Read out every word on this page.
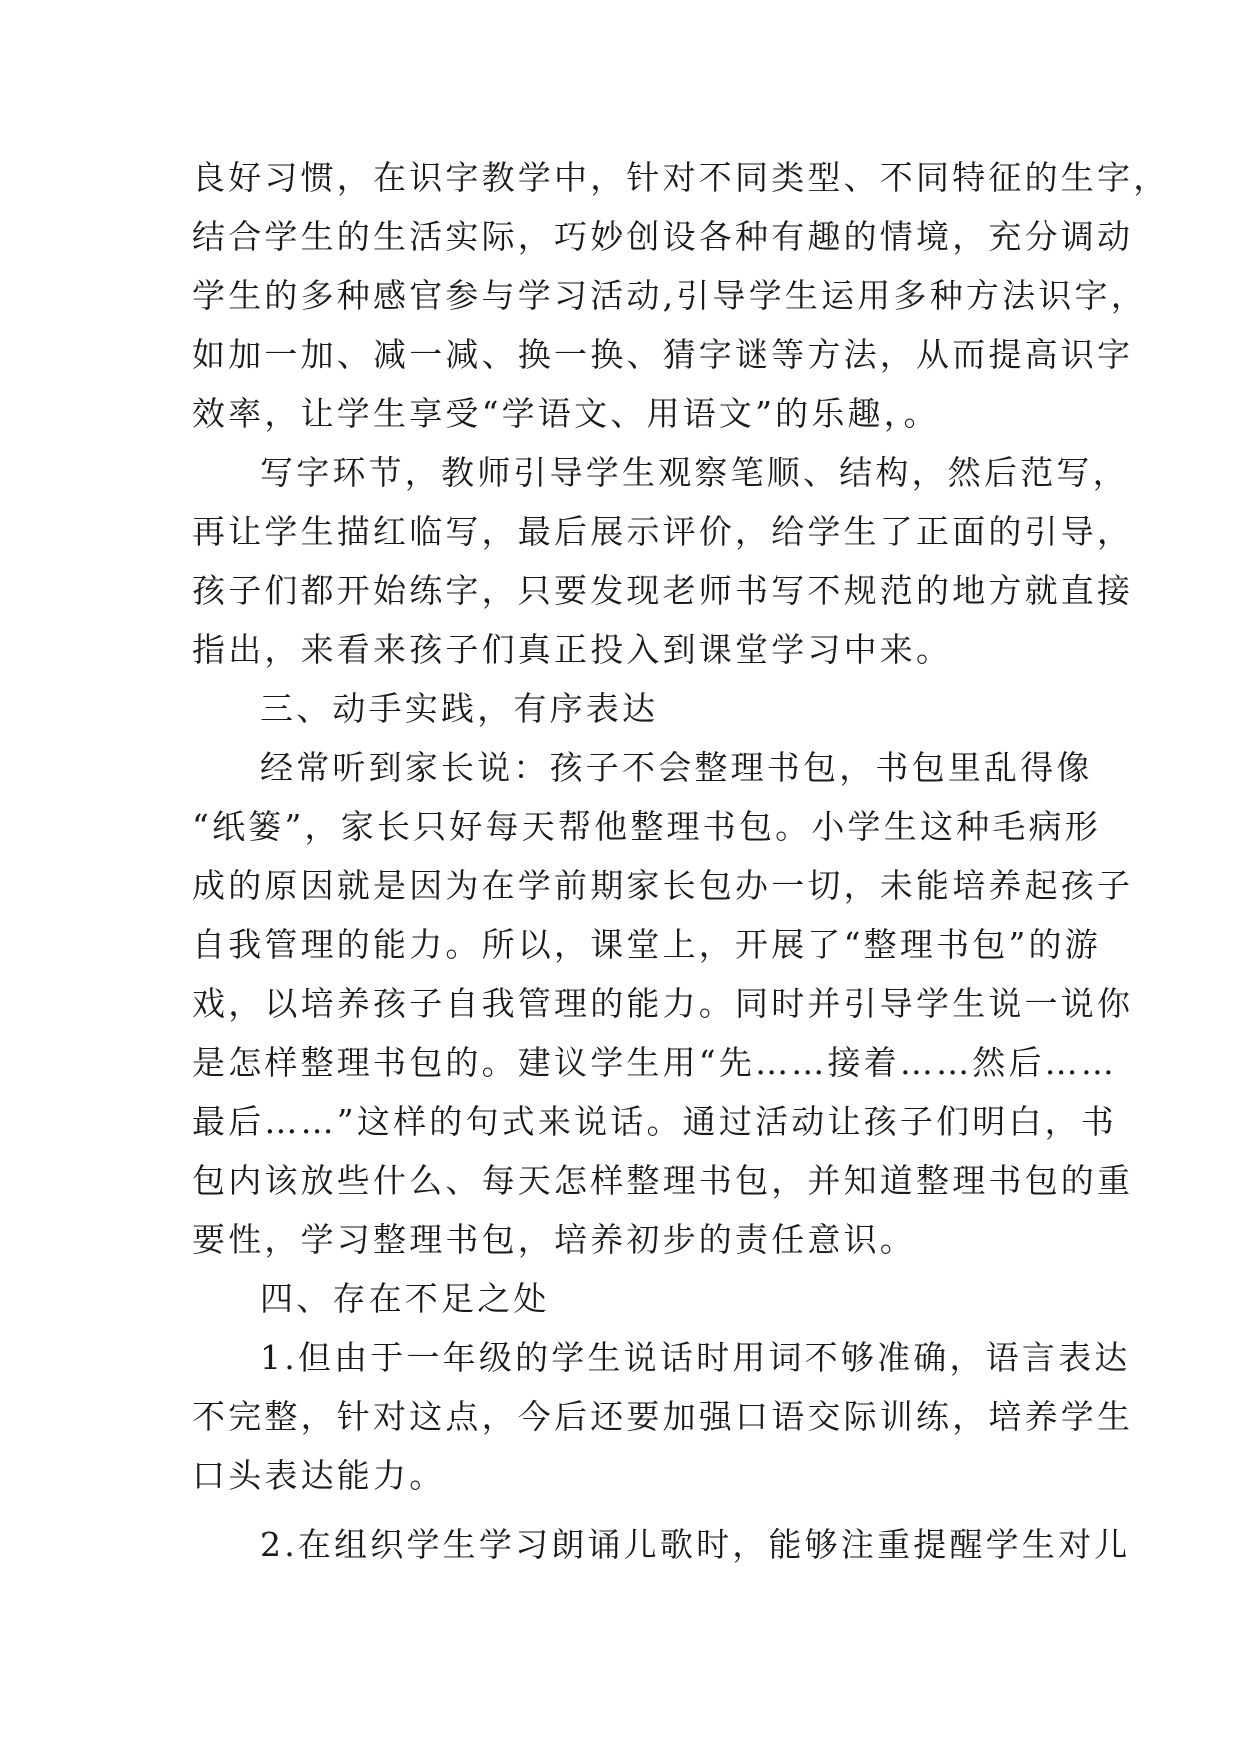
良好习惯，在识字教学中，针对不同类型、不同特征的生字，
结合学生的生活实际，巧妙创设各种有趣的情境，充分调动
学生的多种感官参与学习活动,引导学生运用多种方法识字，
如加一加、减一减、换一换、猜字谜等方法，从而提高识字
效率，让学生享受“学语文、用语文”的乐趣，。
写字环节，教师引导学生观察笔顺、结构，然后范写，
再让学生描红临写，最后展示评价，给学生了正面的引导，
孩子们都开始练字，只要发现老师书写不规范的地方就直接
指出，来看来孩子们真正投入到课堂学习中来。
三、动手实践，有序表达
经常听到家长说：孩子不会整理书包，书包里乱得像
“纸篓”，家长只好每天帮他整理书包。小学生这种毛病形
成的原因就是因为在学前期家长包办一切，未能培养起孩子
自我管理的能力。所以，课堂上，开展了“整理书包”的游
戏，以培养孩子自我管理的能力。同时并引导学生说一说你
是怎样整理书包的。建议学生用“先……接着……然后……
最后……”这样的句式来说话。通过活动让孩子们明白，书
包内该放些什么、每天怎样整理书包，并知道整理书包的重
要性，学习整理书包，培养初步的责任意识。
四、存在不足之处
1.但由于一年级的学生说话时用词不够准确，语言表达
不完整，针对这点，今后还要加强口语交际训练，培养学生
口头表达能力。
2.在组织学生学习朗诵儿歌时，能够注重提醒学生对儿
